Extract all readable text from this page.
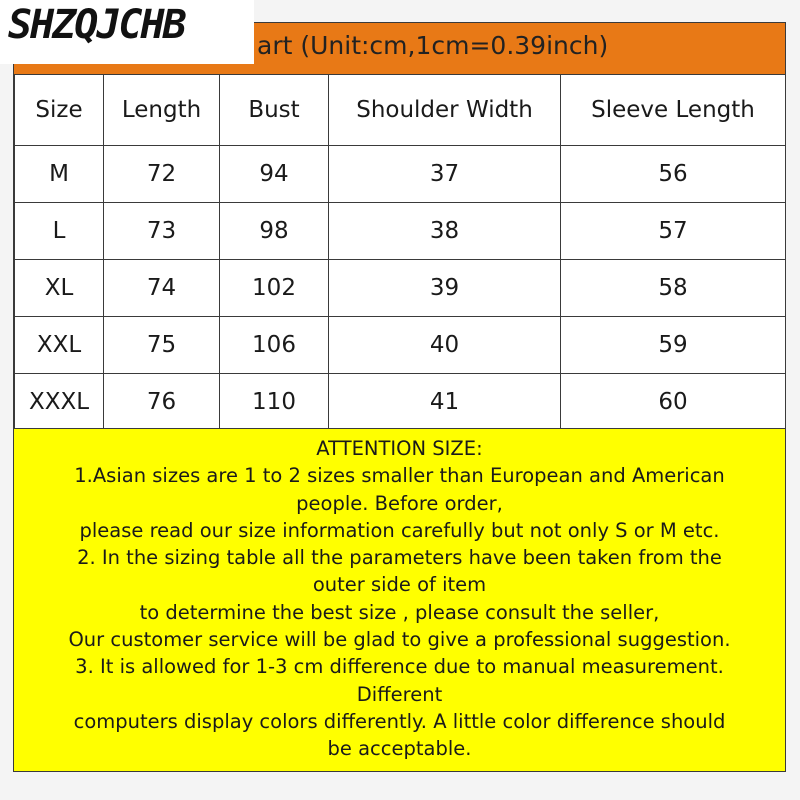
art (Unit:cm,1cm=0.39inch)
Size	Length	Bust	Shoulder Width	Sleeve Length
M	72	94	37	56
L	73	98	38	57
XL	74	102	39	58
XXL	75	106	40	59
XXXL	76	110	41	60
ATTENTION SIZE:
1.Asian sizes are 1 to 2 sizes smaller than European and American
people. Before order,
please read our size information carefully but not only S or M etc.
2. In the sizing table all the parameters have been taken from the
outer side of item
to determine the best size , please consult the seller,
Our customer service will be glad to give a professional suggestion.
3. It is allowed for 1-3 cm difference due to manual measurement.
Different
computers display colors differently. A little color difference should
be acceptable.
SHZQJCHB
